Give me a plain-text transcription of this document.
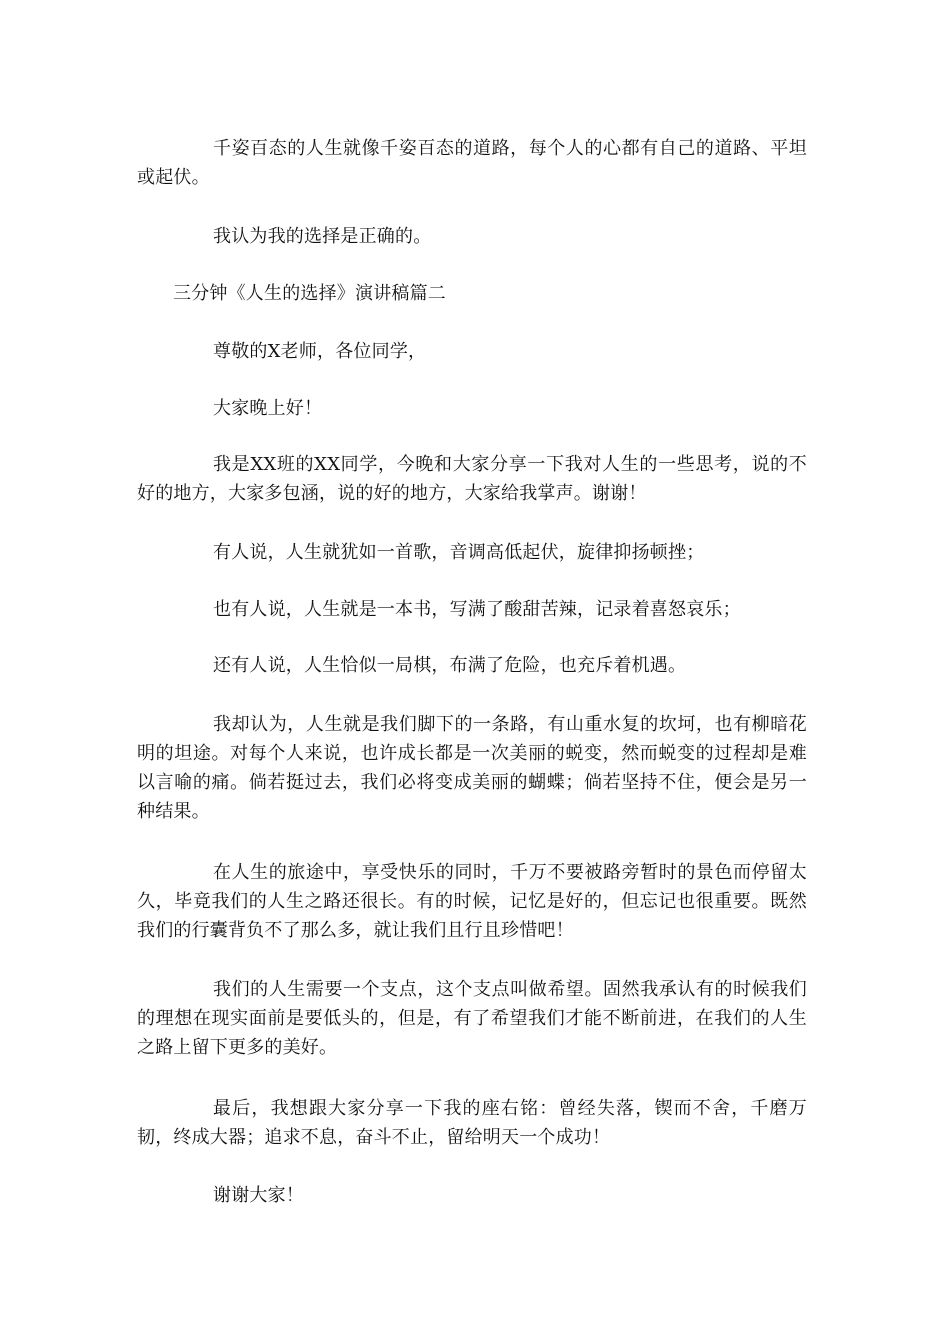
千姿百态的人生就像千姿百态的道路，每个人的心都有自己的道路、平坦或起伏。

我认为我的选择是正确的。

三分钟《人生的选择》演讲稿篇二

尊敬的X老师，各位同学，

大家晚上好！

我是XX班的XX同学，今晚和大家分享一下我对人生的一些思考，说的不好的地方，大家多包涵，说的好的地方，大家给我掌声。谢谢！

有人说，人生就犹如一首歌，音调高低起伏，旋律抑扬顿挫；

也有人说，人生就是一本书，写满了酸甜苦辣，记录着喜怒哀乐；

还有人说，人生恰似一局棋，布满了危险，也充斥着机遇。

我却认为，人生就是我们脚下的一条路，有山重水复的坎坷，也有柳暗花明的坦途。对每个人来说，也许成长都是一次美丽的蜕变，然而蜕变的过程却是难以言喻的痛。倘若挺过去，我们必将变成美丽的蝴蝶；倘若坚持不住，便会是另一种结果。

在人生的旅途中，享受快乐的同时，千万不要被路旁暂时的景色而停留太久，毕竟我们的人生之路还很长。有的时候，记忆是好的，但忘记也很重要。既然我们的行囊背负不了那么多，就让我们且行且珍惜吧！

我们的人生需要一个支点，这个支点叫做希望。固然我承认有的时候我们的理想在现实面前是要低头的，但是，有了希望我们才能不断前进，在我们的人生之路上留下更多的美好。

最后，我想跟大家分享一下我的座右铭：曾经失落，锲而不舍，千磨万韧，终成大器；追求不息，奋斗不止，留给明天一个成功！

谢谢大家！
